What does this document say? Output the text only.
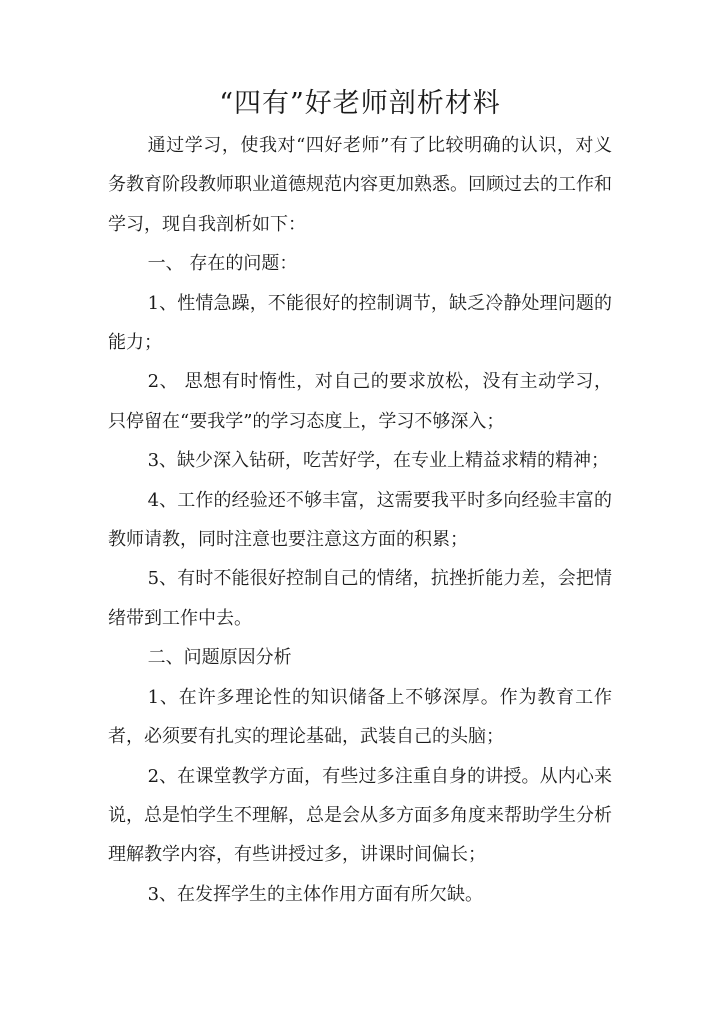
“四有”好老师剖析材料

通过学习，使我对“四好老师”有了比较明确的认识，对义务教育阶段教师职业道德规范内容更加熟悉。回顾过去的工作和学习，现自我剖析如下：

一、 存在的问题：

1、性情急躁，不能很好的控制调节，缺乏冷静处理问题的能力；

2、 思想有时惰性，对自己的要求放松，没有主动学习，只停留在“要我学”的学习态度上，学习不够深入；

3、缺少深入钻研，吃苦好学，在专业上精益求精的精神；

4、工作的经验还不够丰富，这需要我平时多向经验丰富的教师请教，同时注意也要注意这方面的积累；

5、有时不能很好控制自己的情绪，抗挫折能力差，会把情绪带到工作中去。

二、问题原因分析

1、在许多理论性的知识储备上不够深厚。作为教育工作者，必须要有扎实的理论基础，武装自己的头脑；

2、在课堂教学方面，有些过多注重自身的讲授。从内心来说，总是怕学生不理解，总是会从多方面多角度来帮助学生分析理解教学内容，有些讲授过多，讲课时间偏长；

3、在发挥学生的主体作用方面有所欠缺。
